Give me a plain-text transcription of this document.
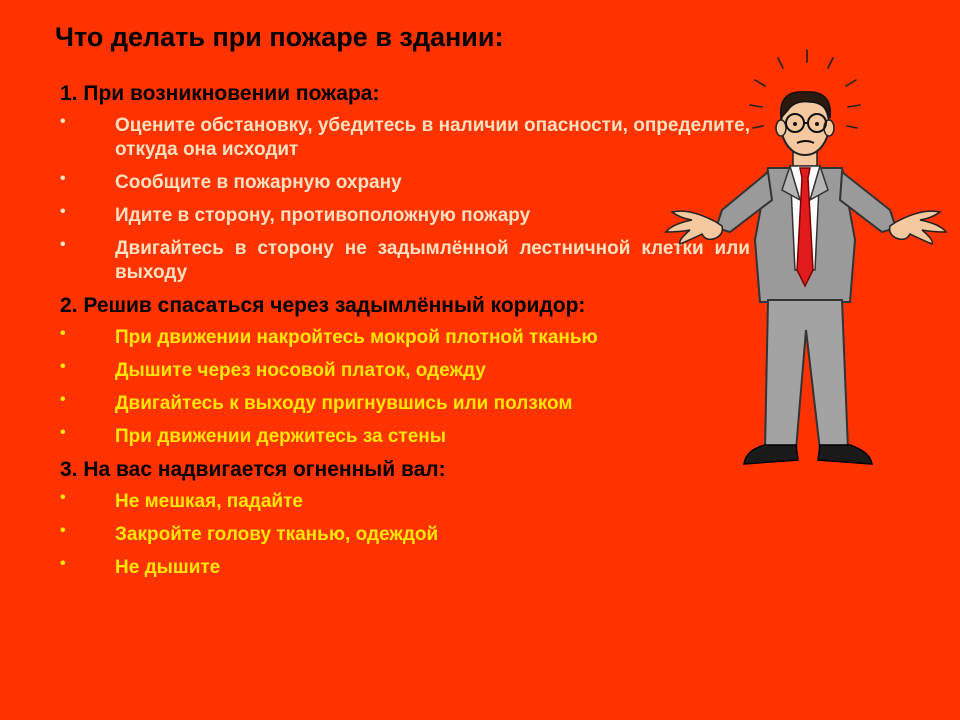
Что делать при пожаре в здании:
1. При возникновении пожара:
•	Оцените обстановку, убедитесь в наличии опасности, определите, откуда она исходит
•	Сообщите в пожарную охрану
•	Идите в сторону, противоположную пожару
•	Двигайтесь в сторону не задымлённой лестничной клетки или выходу
2. Решив спасаться через задымлённый коридор:
•	При движении накройтесь мокрой плотной тканью
•	Дышите через носовой платок, одежду
•	Двигайтесь к выходу пригнувшись или ползком
•	При движении держитесь за стены
3. На вас надвигается огненный вал:
•	Не мешкая, падайте
•	Закройте голову тканью, одеждой
•	Не дышите
